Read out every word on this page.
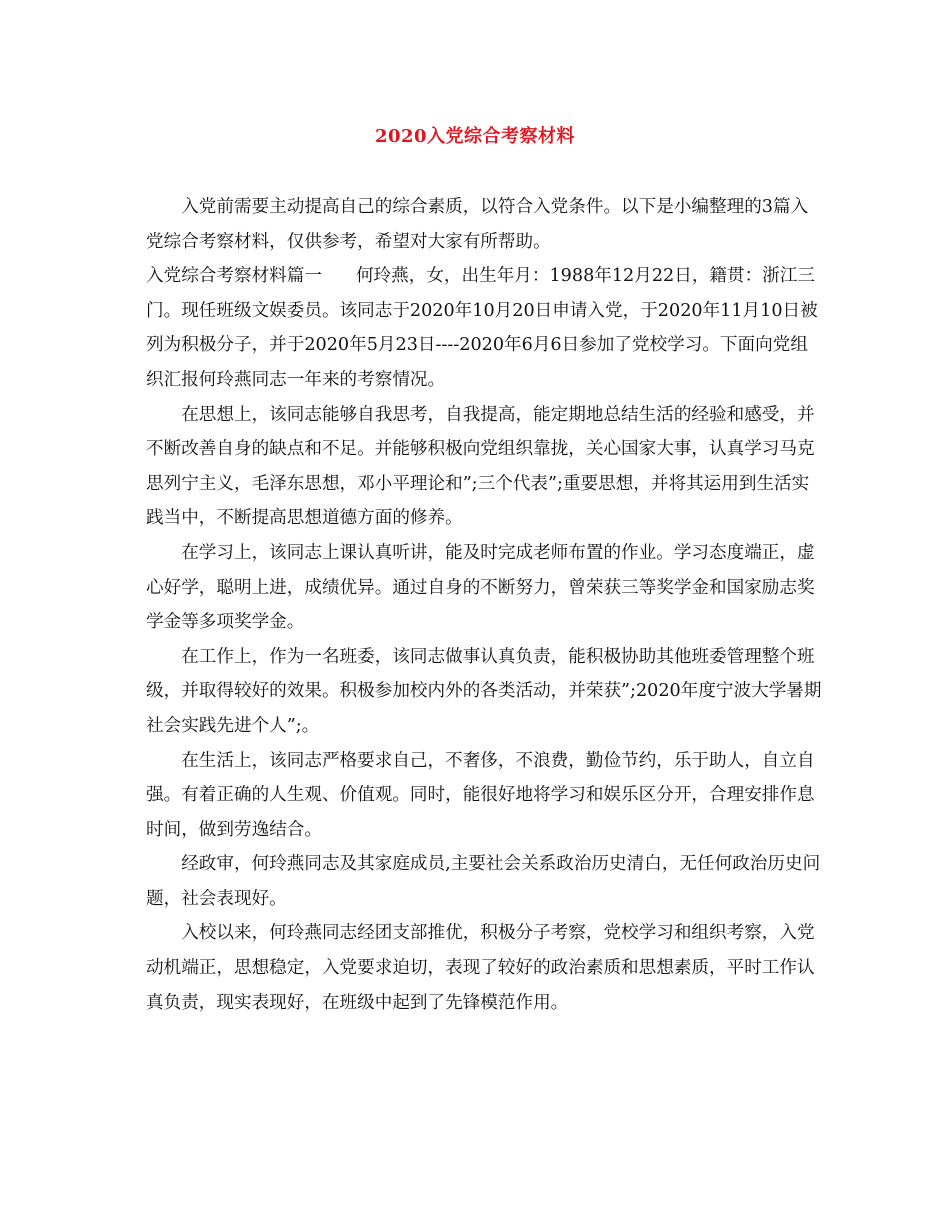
2020入党综合考察材料

入党前需要主动提高自己的综合素质，以符合入党条件。以下是小编整理的3篇入党综合考察材料，仅供参考，希望对大家有所帮助。

入党综合考察材料篇一 何玲燕，女，出生年月：1988年12月22日，籍贯：浙江三门。现任班级文娱委员。该同志于2020年10月20日申请入党，于2020年11月10日被列为积极分子，并于2020年5月23日----2020年6月6日参加了党校学习。下面向党组织汇报何玲燕同志一年来的考察情况。

在思想上，该同志能够自我思考，自我提高，能定期地总结生活的经验和感受，并不断改善自身的缺点和不足。并能够积极向党组织靠拢，关心国家大事，认真学习马克思列宁主义，毛泽东思想，邓小平理论和”;三个代表”;重要思想，并将其运用到生活实践当中，不断提高思想道德方面的修养。

在学习上，该同志上课认真听讲，能及时完成老师布置的作业。学习态度端正，虚心好学，聪明上进，成绩优异。通过自身的不断努力，曾荣获三等奖学金和国家励志奖学金等多项奖学金。

在工作上，作为一名班委，该同志做事认真负责，能积极协助其他班委管理整个班级，并取得较好的效果。积极参加校内外的各类活动，并荣获”;2020年度宁波大学暑期社会实践先进个人”;。

在生活上，该同志严格要求自己，不奢侈，不浪费，勤俭节约，乐于助人，自立自强。有着正确的人生观、价值观。同时，能很好地将学习和娱乐区分开，合理安排作息时间，做到劳逸结合。

经政审，何玲燕同志及其家庭成员,主要社会关系政治历史清白，无任何政治历史问题，社会表现好。

入校以来，何玲燕同志经团支部推优，积极分子考察，党校学习和组织考察，入党动机端正，思想稳定，入党要求迫切，表现了较好的政治素质和思想素质，平时工作认真负责，现实表现好，在班级中起到了先锋模范作用。
